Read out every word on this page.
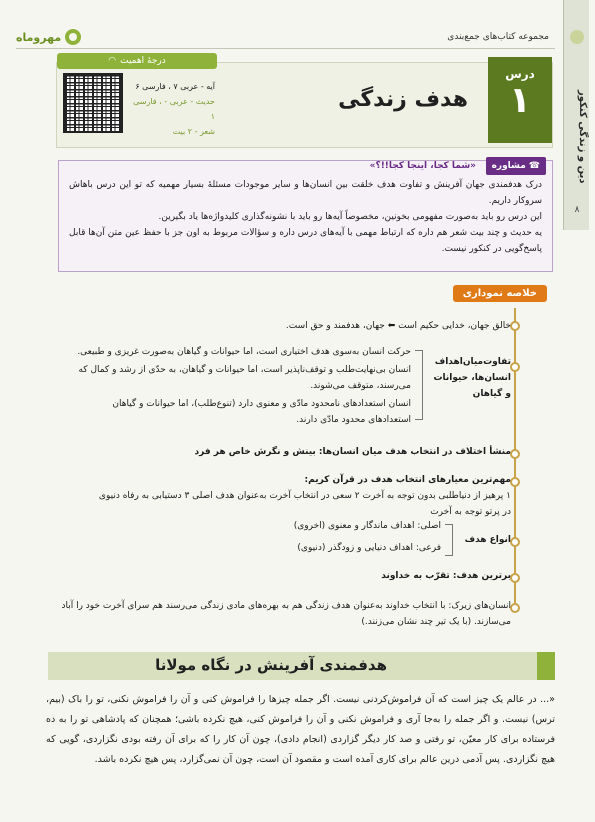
دین و زندگی کنکور
۸
مجموعه کتاب‌های جمع‌بندی
مهروماه
درس
۱
هدف زندگی
درجهٔ اهمیت
◠
آیه - عربی ۷ ، فارسی ۶
حدیث - عربی - ، فارسی ۱
شعر - ۲ بیت
☎
مشاوره
«شما کجا، اینجا کجا!!؟»

درک هدفمندی جهان آفرینش و تفاوت هدف خلقت بین انسان‌ها و سایر موجودات مسئلهٔ بسیار مهمیه که تو این درس باهاش سروکار داریم.

این درس رو باید به‌صورت مفهومی بخونین، مخصوصاً آیه‌ها رو باید با نشونه‌گذاری کلیدواژه‌ها یاد بگیرین.

یه حدیث و چند بیت شعر هم داره که ارتباط مهمی با آیه‌های درس داره و سؤالات مربوط به اون جز با حفظ عین متن آن‌ها قابل پاسخ‌گویی در کنکور نیست.

خلاصه نموداری
خالق جهان، خدایی حکیم است ⬅ جهان، هدفمند و حق است.
تفاوت‌میان‌اهداف انسان‌ها، حیوانات و گیاهان
حرکت انسان به‌سوی هدف اختیاری است، اما حیوانات و گیاهان به‌صورت غریزی و طبیعی.
انسان بی‌نهایت‌طلب و توقف‌ناپذیر است، اما حیوانات و گیاهان، به حدّی از رشد و کمال که می‌رسند، متوقف می‌شوند.
انسان استعدادهای نامحدود مادّی و معنوی دارد (تنوع‌طلب)، اما حیوانات و گیاهان استعدادهای محدود مادّی دارند.
منشأ اختلاف در انتخاب هدف میان انسان‌ها: بینش و نگرش خاص هر فرد
مهم‌ترین معیارهای انتخاب هدف در قرآن کریم:
۱ پرهیز از دنیاطلبی بدون توجه به آخرت ۲ سعی در انتخاب آخرت به‌عنوان هدف اصلی ۳ دستیابی به رفاه دنیوی در پرتو توجه به آخرت
انواع هدف
اصلی: اهداف ماندگار و معنوی (اخروی)
فرعی: اهداف دنیایی و زودگذر (دنیوی)
برترین هدف: تقرّب به خداوند
انسان‌های زیرک: با انتخاب خداوند به‌عنوان هدف زندگی هم به بهره‌های مادی زندگی می‌رسند هم سرای آخرت خود را آباد می‌سازند. (با یک تیر چند نشان می‌زنند.)
هدفمندی آفرینش در نگاه مولانا
«... در عالم یک چیز است که آن فراموش‌کردنی نیست. اگر جمله چیزها را فراموش کنی و آن را فراموش نکنی، تو را باک (بیم، ترس) نیست. و اگر جمله را به‌جا آری و فراموش نکنی و آن را فراموش کنی، هیچ نکرده باشی؛ همچنان که پادشاهی تو را به ده فرستاده برای کار معیّن، تو رفتی و صد کار دیگر گزاردی (انجام دادی)، چون آن کار را که برای آن رفته بودی نگزاردی، گویی که هیچ نگزاردی. پس آدمی درین عالم برای کاری آمده است و مقصود آن است، چون آن نمی‌گزارد، پس هیچ نکرده باشد.
